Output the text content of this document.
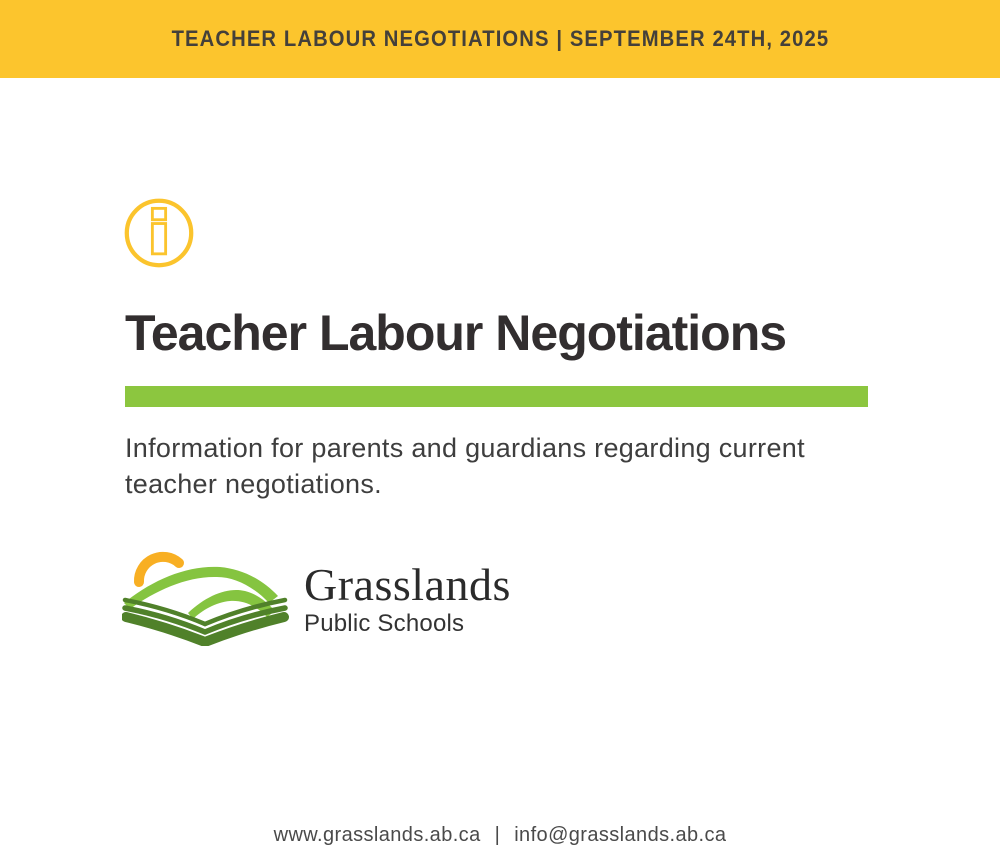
TEACHER LABOUR NEGOTIATIONS | SEPTEMBER 24TH, 2025
Teacher Labour Negotiations

Information for parents and guardians regarding current teacher negotiations.

Grasslands
Public Schools
www.grasslands.ab.ca | info@grasslands.ab.ca
